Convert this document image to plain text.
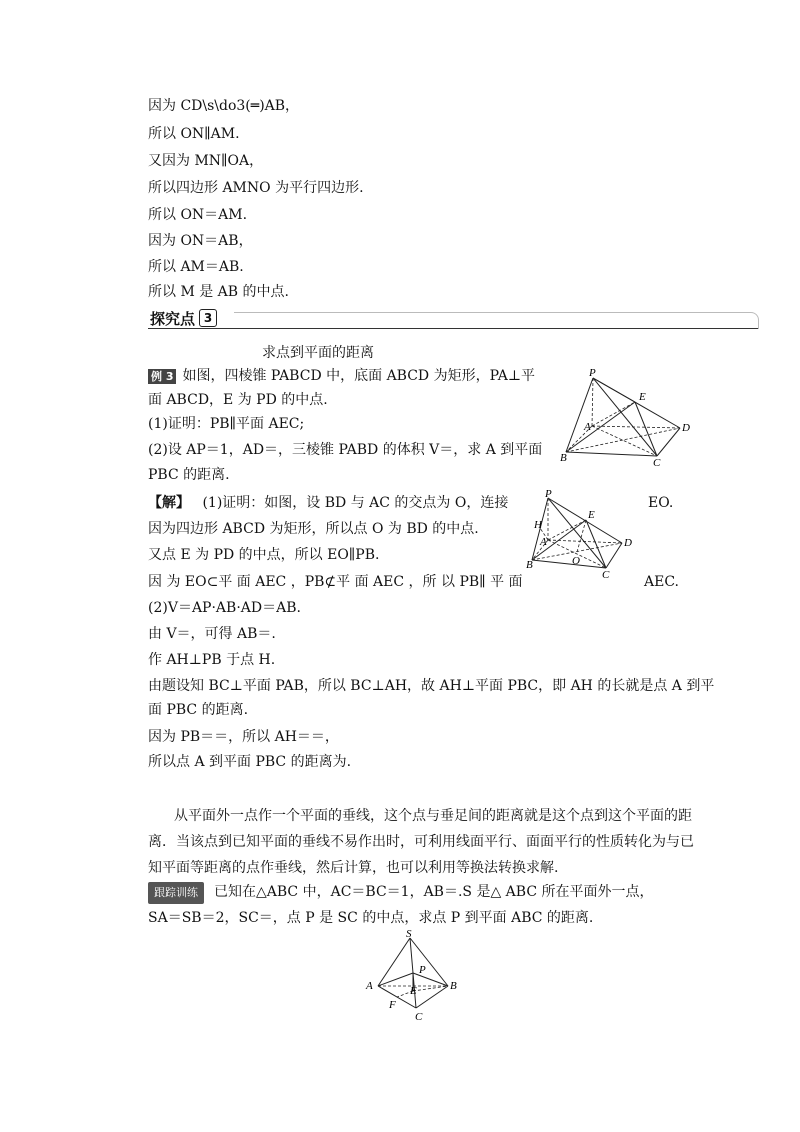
因为 CD\s\do3(═)AB，
所以 ON∥AM.
又因为 MN∥OA，
所以四边形 AMNO 为平行四边形.
所以 ON＝AM.
因为 ON＝AB，
所以 AM＝AB.
所以 M 是 AB 的中点.
探究点 3
求点到平面的距离
例 3 如图，四棱锥 PABCD 中，底面 ABCD 为矩形，PA⊥平
面 ABCD，E 为 PD 的中点.
(1)证明：PB∥平面 AEC;
(2)设 AP＝1，AD＝，三棱锥 PABD 的体积 V＝，求 A 到平面
PBC 的距离.
P
E
A	D
B	C
【解】 (1)证明：如图，设 BD 与 AC 的交点为 O，连接	EO.
因为四边形 ABCD 为矩形，所以点 O 为 BD 的中点.
又点 E 为 PD 的中点，所以 EO∥PB.
因 为 EO⊂平 面 AEC ，PB⊄平 面 AEC ，所 以 PB∥ 平 面	AEC.
(2)V＝AP·AB·AD＝AB.
由 V＝，可得 AB＝.
作 AH⊥PB 于点 H.
由题设知 BC⊥平面 PAB，所以 BC⊥AH，故 AH⊥平面 PBC，即 AH 的长就是点 A 到平
面 PBC 的距离.
因为 PB＝＝，所以 AH＝＝，
所以点 A 到平面 PBC 的距离为.
P
H
E
A	D
O
B
C
从平面外一点作一个平面的垂线，这个点与垂足间的距离就是这个点到这个平面的距
离．当该点到已知平面的垂线不易作出时，可利用线面平行、面面平行的性质转化为与已
知平面等距离的点作垂线，然后计算，也可以利用等换法转换求解.
跟踪训练 已知在△ABC 中，AC＝BC＝1，AB＝.S 是△ ABC 所在平面外一点，
SA＝SB＝2，SC＝，点 P 是 SC 的中点，求点 P 到平面 ABC 的距离.
S
P
A	E	B
F
C
